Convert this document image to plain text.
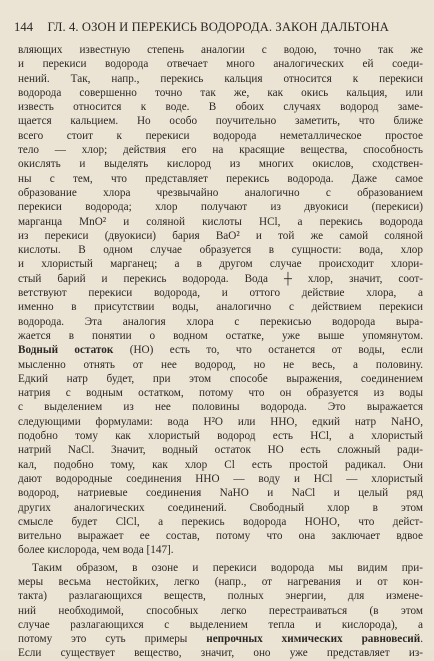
144 ГЛ. 4. ОЗОН И ПЕРЕКИСЬ ВОДОРОДА. ЗАКОН ДАЛЬТОНА
вляющих известную степень аналогии с водою, точно так же
и перекиси водорода отвечает много аналогических ей соеди-
нений. Так, напр., перекись кальция относится к перекиси
водорода совершенно точно так же, как окись кальция, или
известь относится к воде. В обоих случаях водород заме-
щается кальцием. Но особо поучительно заметить, что ближе
всего стоит к перекиси водорода неметаллическое простое
тело — хлор; действия его на красящие вещества, способность
окислять и выделять кислород из многих окислов, сходствен-
ны с тем, что представляет перекись водорода. Даже самое
образование хлора чрезвычайно аналогично с образованием
перекиси водорода; хлор получают из двуокиси (перекиси)
марганца MnO² и соляной кислоты HCl, а перекись водорода
из перекиси (двуокиси) бария BaO² и той же самой соляной
кислоты. В одном случае образуется в сущности: вода, хлор
и хлористый марганец; а в другом случае происходит хлори-
стый барий и перекись водорода. Вода ┼ хлор, значит, соот-
ветствуют перекиси водорода, и оттого действие хлора, а
именно в присутствии воды, аналогично с действием перекиси
водорода. Эта аналогия хлора с перекисью водорода выра-
жается в понятии о водном остатке, уже выше упомянутом.
Водный остаток (НО) есть то, что останется от воды, если
мысленно отнять от нее водород, но не весь, а половину.
Едкий натр будет, при этом способе выражения, соединением
натрия с водным остатком, потому что он образуется из воды
с выделением из нее половины водорода. Это выражается
следующими формулами: вода H²O или HHO, едкий натр NaHO,
подобно тому как хлористый водород есть HCl, а хлористый
натрий NaCl. Значит, водный остаток НО есть сложный ради-
кал, подобно тому, как хлор Cl есть простой радикал. Они
дают водородные соединения ННО — воду и НCl — хлористый
водород, натриевые соединения NaHO и NaCl и целый ряд
других аналогических соединений. Свободный хлор в этом
смысле будет ClCl, а перекись водорода НОНО, что дейст-
вительно выражает ее состав, потому что она заключает вдвое
более кислорода, чем вода [147].
Таким образом, в озоне и перекиси водорода мы видим при-
меры весьма нестойких, легко (напр., от нагревания и от кон-
такта) разлагающихся веществ, полных энергии, для измене-
ний необходимой, способных легко перестраиваться (в этом
случае разлагающихся с выделением тепла и кислорода), а
потому это суть примеры непрочных химических равновесий.
Если существует вещество, значит, оно уже представляет из-
